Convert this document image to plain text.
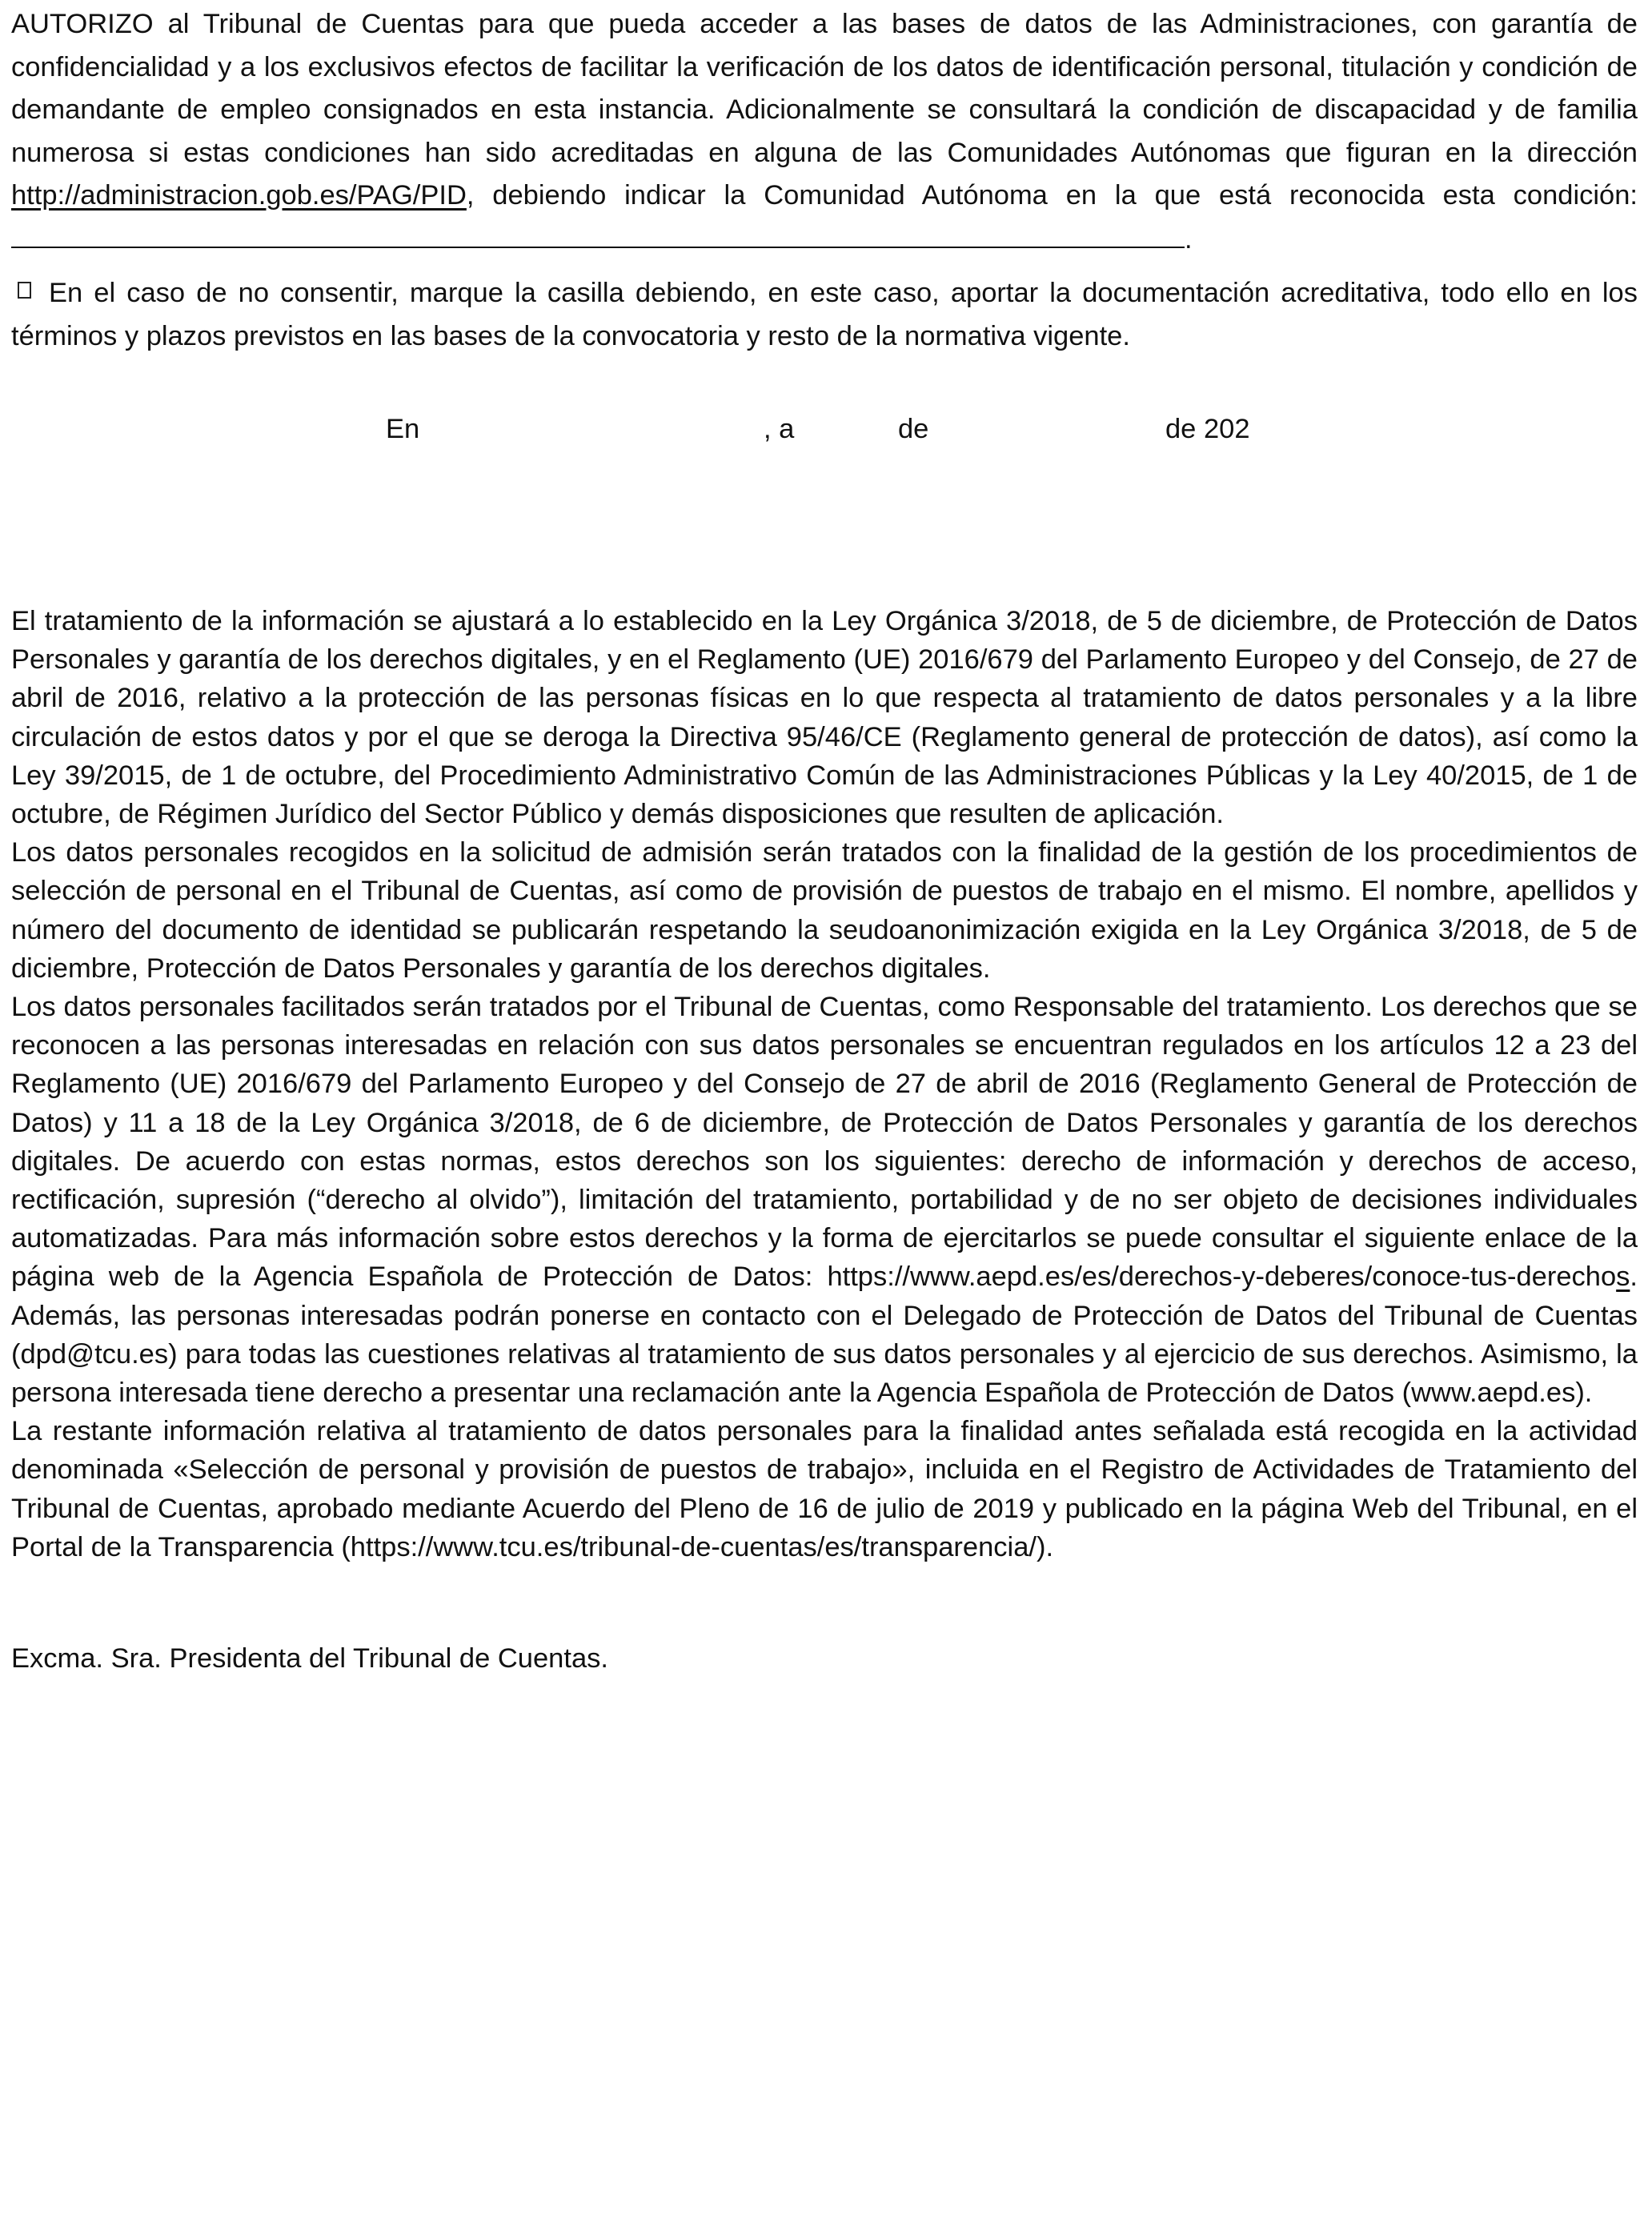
AUTORIZO al Tribunal de Cuentas para que pueda acceder a las bases de datos de las Administraciones, con garantía de confidencialidad y a los exclusivos efectos de facilitar la verificación de los datos de identificación personal, titulación y condición de demandante de empleo consignados en esta instancia. Adicionalmente se consultará la condición de discapacidad y de familia numerosa si estas condiciones han sido acreditadas en alguna de las Comunidades Autónomas que figuran en la dirección http://administracion.gob.es/PAG/PID, debiendo indicar la Comunidad Autónoma en la que está reconocida esta condición: .

En el caso de no consentir, marque la casilla debiendo, en este caso, aportar la documentación acreditativa, todo ello en los términos y plazos previstos en las bases de la convocatoria y resto de la normativa vigente.

En	, a	de	de 202

El tratamiento de la información se ajustará a lo establecido en la Ley Orgánica 3/2018, de 5 de diciembre, de Protección de Datos Personales y garantía de los derechos digitales, y en el Reglamento (UE) 2016/679 del Parlamento Europeo y del Consejo, de 27 de abril de 2016, relativo a la protección de las personas físicas en lo que respecta al tratamiento de datos personales y a la libre circulación de estos datos y por el que se deroga la Directiva 95/46/CE (Reglamento general de protección de datos), así como la Ley 39/2015, de 1 de octubre, del Procedimiento Administrativo Común de las Administraciones Públicas y la Ley 40/2015, de 1 de octubre, de Régimen Jurídico del Sector Público y demás disposiciones que resulten de aplicación.

Los datos personales recogidos en la solicitud de admisión serán tratados con la finalidad de la gestión de los procedimientos de selección de personal en el Tribunal de Cuentas, así como de provisión de puestos de trabajo en el mismo. El nombre, apellidos y número del documento de identidad se publicarán respetando la seudoanonimización exigida en la Ley Orgánica 3/2018, de 5 de diciembre, Protección de Datos Personales y garantía de los derechos digitales.

Los datos personales facilitados serán tratados por el Tribunal de Cuentas, como Responsable del tratamiento. Los derechos que se reconocen a las personas interesadas en relación con sus datos personales se encuentran regulados en los artículos 12 a 23 del Reglamento (UE) 2016/679 del Parlamento Europeo y del Consejo de 27 de abril de 2016 (Reglamento General de Protección de Datos) y 11 a 18 de la Ley Orgánica 3/2018, de 6 de diciembre, de Protección de Datos Personales y garantía de los derechos digitales. De acuerdo con estas normas, estos derechos son los siguientes: derecho de información y derechos de acceso, rectificación, supresión (“derecho al olvido”), limitación del tratamiento, portabilidad y de no ser objeto de decisiones individuales automatizadas. Para más información sobre estos derechos y la forma de ejercitarlos se puede consultar el siguiente enlace de la página web de la Agencia Española de Protección de Datos: https://www.aepd.es/es/derechos-y-deberes/conoce-tus-derechos. Además, las personas interesadas podrán ponerse en contacto con el Delegado de Protección de Datos del Tribunal de Cuentas (dpd@tcu.es) para todas las cuestiones relativas al tratamiento de sus datos personales y al ejercicio de sus derechos. Asimismo, la persona interesada tiene derecho a presentar una reclamación ante la Agencia Española de Protección de Datos (www.aepd.es).

La restante información relativa al tratamiento de datos personales para la finalidad antes señalada está recogida en la actividad denominada «Selección de personal y provisión de puestos de trabajo», incluida en el Registro de Actividades de Tratamiento del Tribunal de Cuentas, aprobado mediante Acuerdo del Pleno de 16 de julio de 2019 y publicado en la página Web del Tribunal, en el Portal de la Transparencia (https://www.tcu.es/tribunal-de-cuentas/es/transparencia/).

Excma. Sra. Presidenta del Tribunal de Cuentas.
